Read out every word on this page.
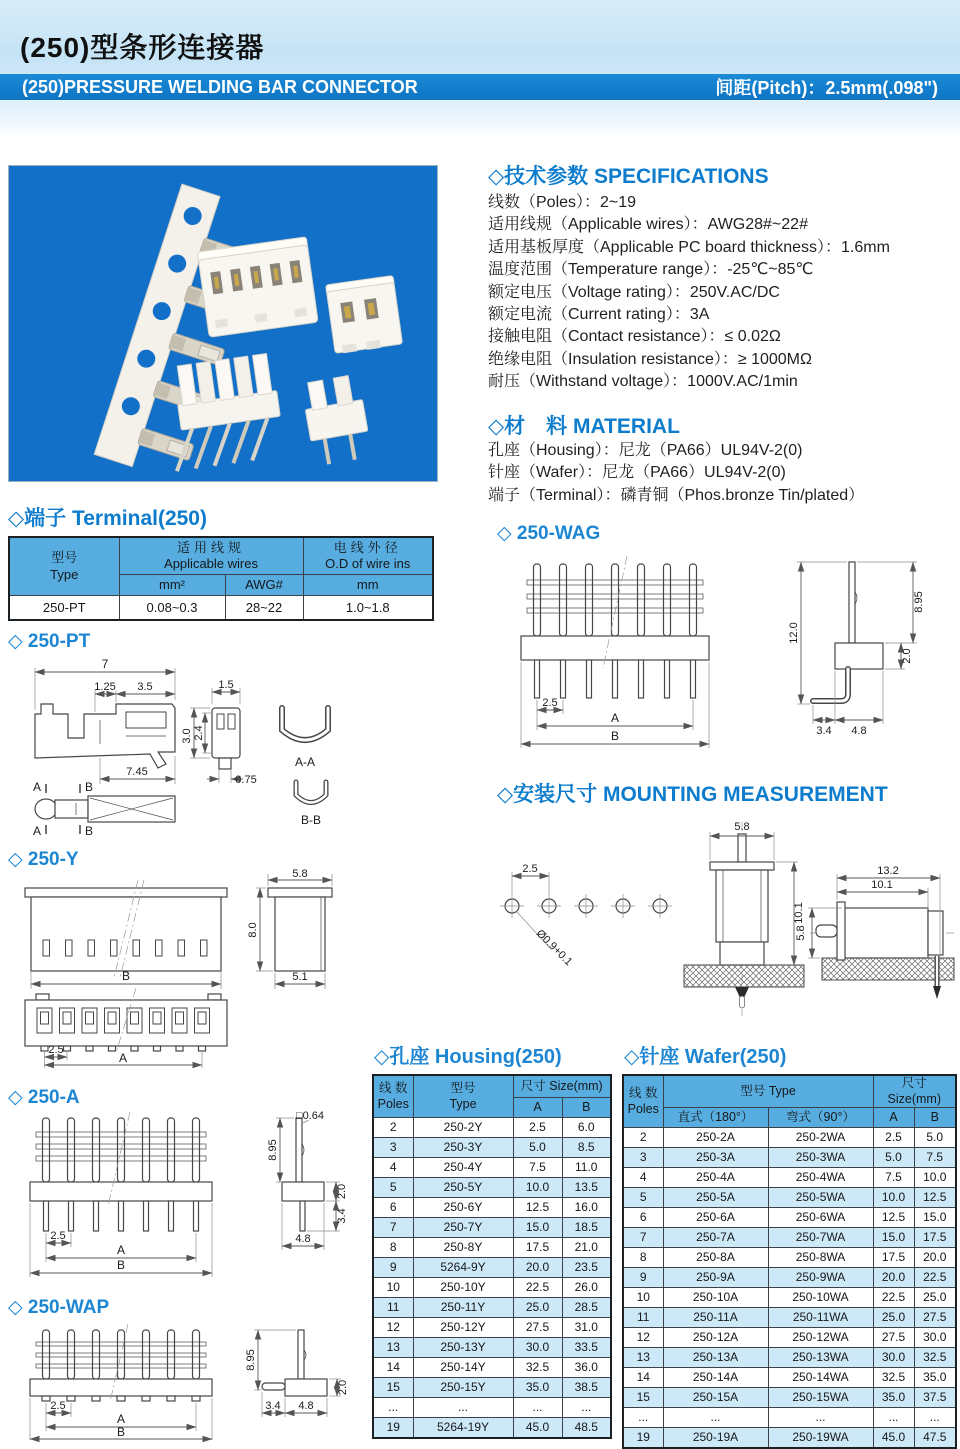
(250)型条形连接器
(250)PRESSURE WELDING BAR CONNECTOR	间距(Pitch)：2.5mm(.098")
◇技术参数 SPECIFICATIONS
线数（Poles）：2~19
适用线规（Applicable wires）：AWG28#~22#
适用基板厚度（Applicable PC board thickness）：1.6mm
温度范围（Temperature range）：-25℃~85℃
额定电压（Voltage rating）：250V.AC/DC
额定电流（Current rating）：3A
接触电阻（Contact resistance）：≤ 0.02Ω
绝缘电阻（Insulation resistance）：≥ 1000MΩ
耐压（Withstand voltage）：1000V.AC/1min
◇材　料 MATERIAL
孔座（Housing）：尼龙（PA66）UL94V-2(0)
针座（Wafer）：尼龙（PA66）UL94V-2(0)
端子（Terminal）：磷青铜（Phos.bronze Tin/plated）
◇端子 Terminal(250)
型号
Type

适用线规
Applicable wires

电线外径
O.D of wire ins

	mm²	AWG#	mm
250-PT	0.08~0.3	28~22	1.0~1.8
◇ 250-PT
7
1.25 3.5
7.45
A
A
B
B
1.5
3.0 2.4
0.75
A-A
B-B
◇ 250-Y
B
5.8
8.0
5.1
2.5
A
◇ 250-A
2.5
A
B
□0.64
8.95
2.0
3.4
4.8
◇ 250-WAP
2.5
A
B
8.95
2.0
3.4 4.8
◇ 250-WAG
2.5
A
B
12.0
8.95
2.0
3.4 4.8
◇安装尺寸 MOUNTING MEASUREMENT
2.5
Ø0.9+0.1
5.8
10.1
13.2
10.1
5.8
◇孔座 Housing(250)
线 数
Poles

型号
Type
	尺寸 Size(mm)
		A	B
2	250-2Y	2.5	6.0
3	250-3Y	5.0	8.5
4	250-4Y	7.5	11.0
5	250-5Y	10.0	13.5
6	250-6Y	12.5	16.0
7	250-7Y	15.0	18.5
8	250-8Y	17.5	21.0
9	5264-9Y	20.0	23.5
10	250-10Y	22.5	26.0
11	250-11Y	25.0	28.5
12	250-12Y	27.5	31.0
13	250-13Y	30.0	33.5
14	250-14Y	32.5	36.0
15	250-15Y	35.0	38.5
...	...	...	...
19	5264-19Y	45.0	48.5
◇针座 Wafer(250)
线 数
Poles	型号 Type		尺寸 Size(mm)	
	直式（180°）	弯式（90°）	A	B
2	250-2A	250-2WA	2.5	5.0
3	250-3A	250-3WA	5.0	7.5
4	250-4A	250-4WA	7.5	10.0
5	250-5A	250-5WA	10.0	12.5
6	250-6A	250-6WA	12.5	15.0
7	250-7A	250-7WA	15.0	17.5
8	250-8A	250-8WA	17.5	20.0
9	250-9A	250-9WA	20.0	22.5
10	250-10A	250-10WA	22.5	25.0
11	250-11A	250-11WA	25.0	27.5
12	250-12A	250-12WA	27.5	30.0
13	250-13A	250-13WA	30.0	32.5
14	250-14A	250-14WA	32.5	35.0
15	250-15A	250-15WA	35.0	37.5
...	...	...	...	...
19	250-19A	250-19WA	45.0	47.5
